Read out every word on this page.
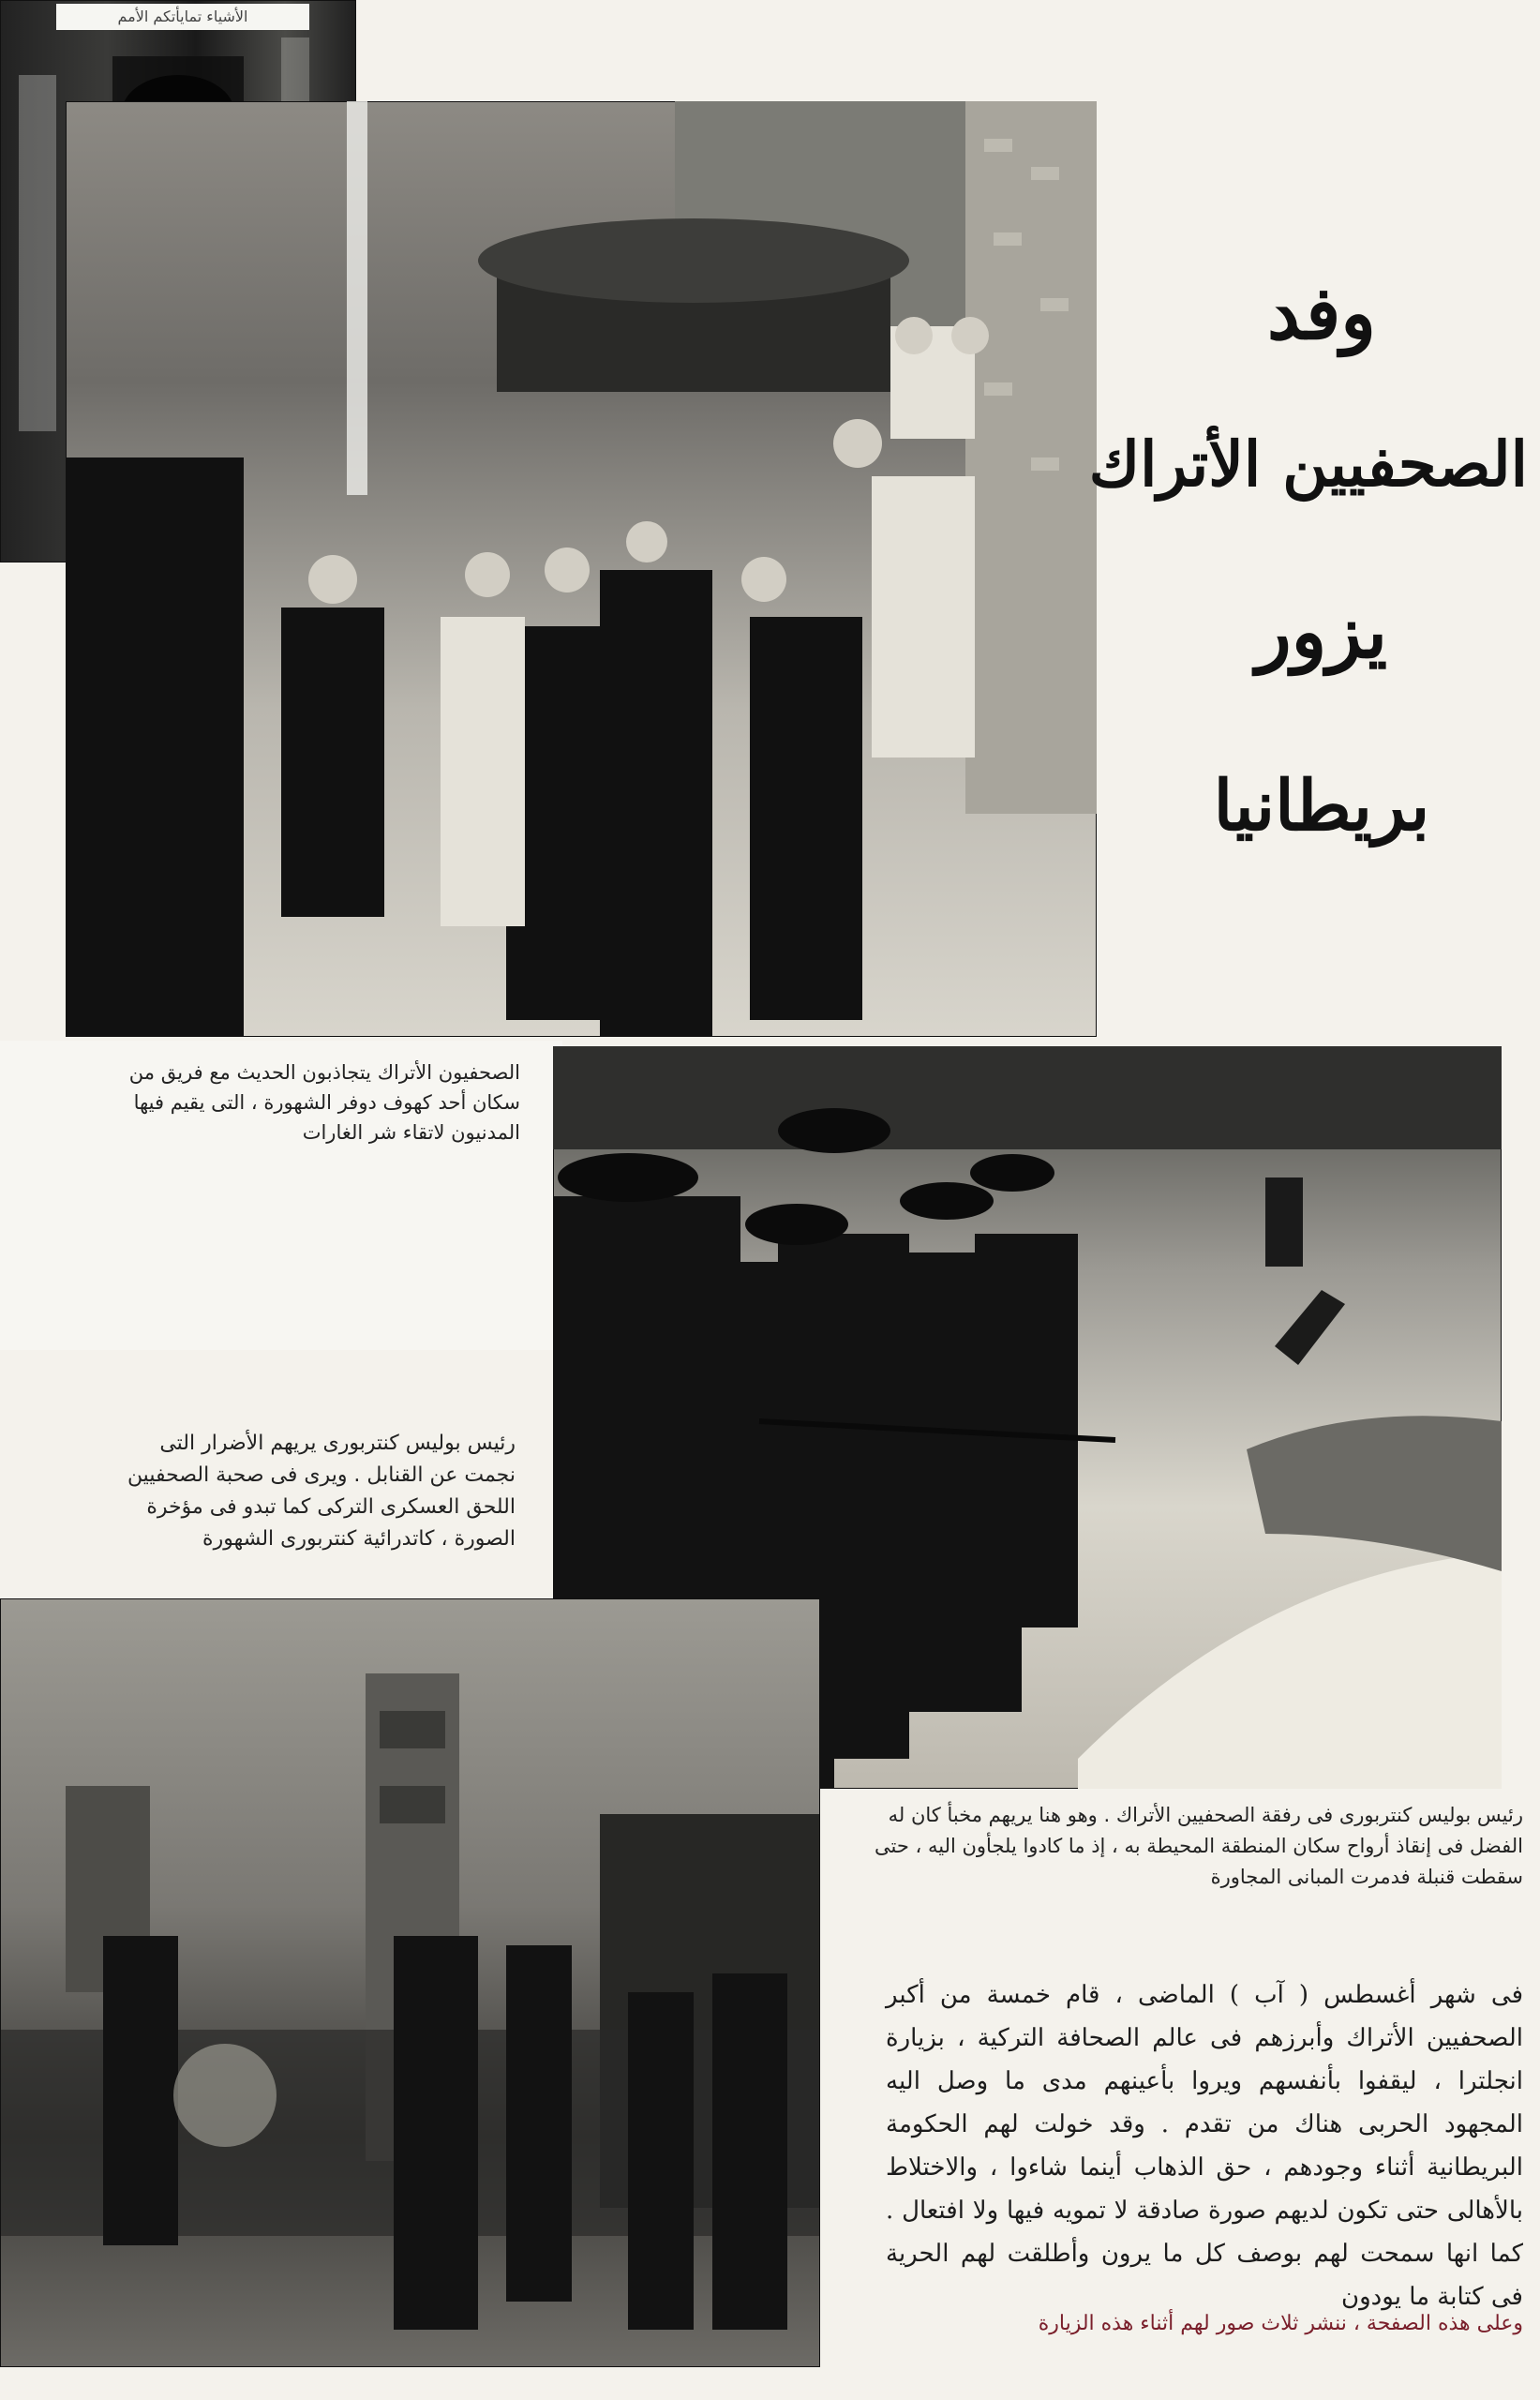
الأشياء تمايأتكم الأمم
وفد
الصحفيين الأتراك
يزور
بريطانيا
الصحفيون الأتراك يتجاذبون الحديث مع فريق من سكان أحد كهوف دوفر الشهورة ، التى يقيم فيها المدنيون لاتقاء شر الغارات
رئيس بوليس كنتربورى يريهم الأضرار التى نجمت عن القنابل . ويرى فى صحبة الصحفيين اللحق العسكرى التركى كما تبدو فى مؤخرة الصورة ، كاتدرائية كنتربورى الشهورة
رئيس بوليس كنتربورى فى رفقة الصحفيين الأتراك . وهو هنا يريهم مخبأ كان له الفضل فى إنقاذ أرواح سكان المنطقة المحيطة به ، إذ ما كادوا يلجأون اليه ، حتى سقطت قنبلة فدمرت المبانى المجاورة

فى شهر أغسطس ( آب ) الماضى ، قام خمسة من أكبر الصحفيين الأتراك وأبرزهم فى عالم الصحافة التركية ، بزيارة انجلترا ، ليقفوا بأنفسهم ويروا بأعينهم مدى ما وصل اليه المجهود الحربى هناك من تقدم . وقد خولت لهم الحكومة البريطانية أثناء وجودهم ، حق الذهاب أينما شاءوا ، والاختلاط بالأهالى حتى تكون لديهم صورة صادقة لا تمويه فيها ولا افتعال . كما انها سمحت لهم بوصف كل ما يرون وأطلقت لهم الحرية فى كتابة ما يودون

وعلى هذه الصفحة ، ننشر ثلاث صور لهم أثناء هذه الزيارة
